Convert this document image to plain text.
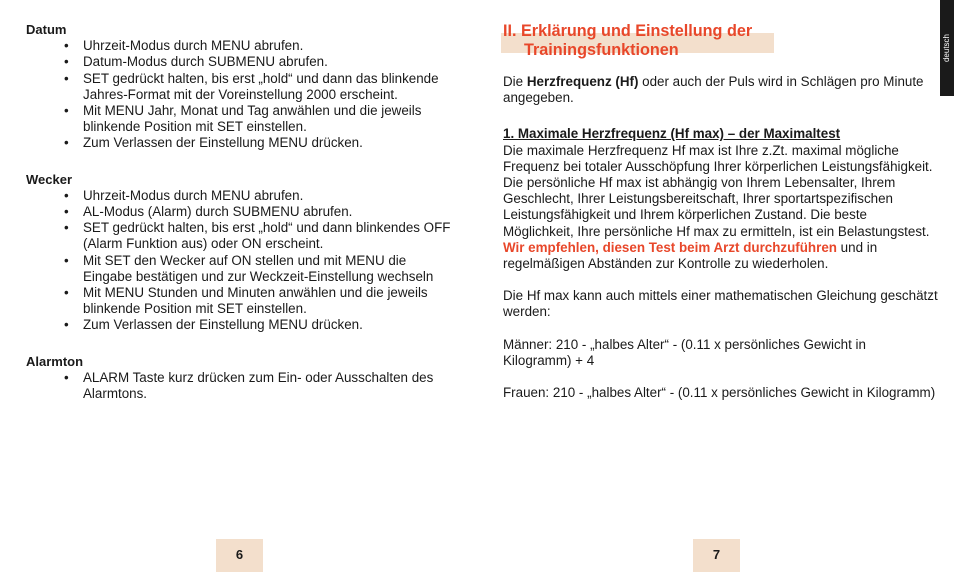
Datum

• Uhrzeit-Modus durch MENU abrufen.
• Datum-Modus durch SUBMENU abrufen.
• SET gedrückt halten, bis erst „hold“ und dann das blinkende Jahres-Format mit der Voreinstellung 2000 erscheint.
• Mit MENU Jahr, Monat und Tag anwählen und die jeweils blinkende Position mit SET einstellen.
• Zum Verlassen der Einstellung MENU drücken.

Wecker

• Uhrzeit-Modus durch MENU abrufen.
• AL-Modus (Alarm) durch SUBMENU abrufen.
• SET gedrückt halten, bis erst „hold“ und dann blinkendes OFF (Alarm Funktion aus) oder ON erscheint.
• Mit SET den Wecker auf ON stellen und mit MENU die Eingabe bestätigen und zur Weckzeit-Einstellung wechseln
• Mit MENU Stunden und Minuten anwählen und die jeweils blinkende Position mit SET einstellen.
• Zum Verlassen der Einstellung MENU drücken.

Alarmton

• ALARM Taste kurz drücken zum Ein- oder Ausschalten des Alarmtons.
II. Erklärung und Einstellung der
Trainingsfunktionen

Die Herzfrequenz (Hf) oder auch der Puls wird in Schlägen pro Minute angegeben.

1. Maximale Herzfrequenz (Hf max) – der Maximaltest

Die maximale Herzfrequenz Hf max ist Ihre z.Zt. maximal mögliche Frequenz bei totaler Ausschöpfung Ihrer körperlichen Leistungsfähigkeit. Die persönliche Hf max ist abhängig von Ihrem Lebensalter, Ihrem Geschlecht, Ihrer Leistungsbereitschaft, Ihrer sportartspezifischen Leistungsfähigkeit und Ihrem körperlichen Zustand. Die beste Möglichkeit, Ihre persönliche Hf max zu ermitteln, ist ein Belastungstest.

Wir empfehlen, diesen Test beim Arzt durchzuführen und in regelmäßigen Abständen zur Kontrolle zu wiederholen.

Die Hf max kann auch mittels einer mathematischen Gleichung geschätzt werden:

Männer: 210 - „halbes Alter“ - (0.11 x persönliches Gewicht in Kilogramm) + 4

Frauen: 210 - „halbes Alter“ - (0.11 x persönliches Gewicht in Kilogramm)

6	7
deutsch
